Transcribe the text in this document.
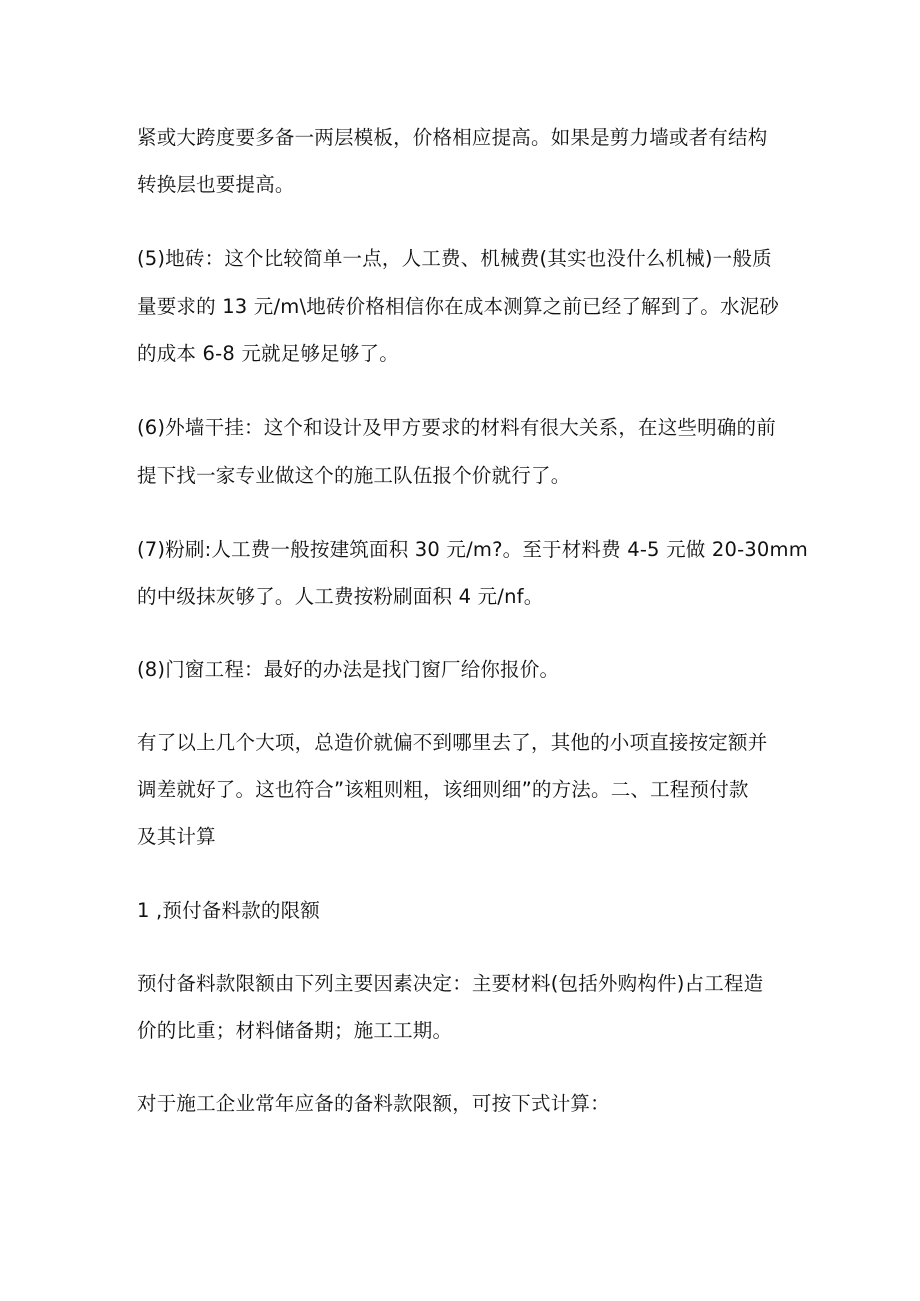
紧或大跨度要多备一两层模板，价格相应提高。如果是剪力墙或者有结构

转换层也要提高。

(5)地砖：这个比较简单一点，人工费、机械费(其实也没什么机械)一般质

量要求的 13 元/m\地砖价格相信你在成本测算之前已经了解到了。水泥砂

的成本 6-8 元就足够足够了。

(6)外墙干挂：这个和设计及甲方要求的材料有很大关系，在这些明确的前

提下找一家专业做这个的施工队伍报个价就行了。

(7)粉刷:人工费一般按建筑面积 30 元/m?。至于材料费 4-5 元做 20-30mm

的中级抹灰够了。人工费按粉刷面积 4 元/nf。

(8)门窗工程：最好的办法是找门窗厂给你报价。

有了以上几个大项，总造价就偏不到哪里去了，其他的小项直接按定额并

调差就好了。这也符合”该粗则粗，该细则细”的方法。二、工程预付款

及其计算

1 ,预付备料款的限额

预付备料款限额由下列主要因素决定：主要材料(包括外购构件)占工程造

价的比重；材料储备期；施工工期。

对于施工企业常年应备的备料款限额，可按下式计算：
